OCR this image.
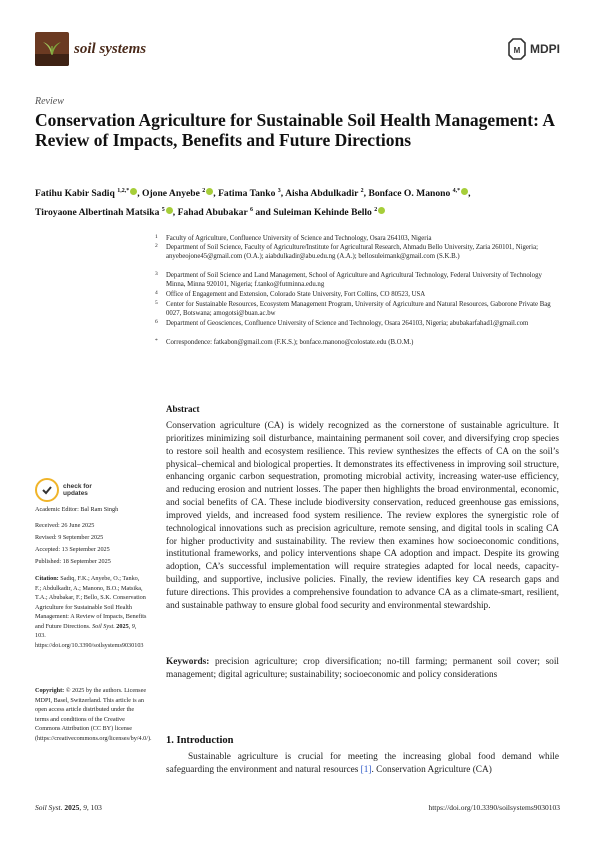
soil systems	M MDPI
Review
Conservation Agriculture for Sustainable Soil Health Management: A Review of Impacts, Benefits and Future Directions
Fatihu Kabir Sadiq $^{1,2,*}$ , Ojone Anyebe $^2$ , Fatima Tanko $^3$, Aisha Abdulkadir $^2$, Bonface O. Manono $^{4,*}$ ,
Tiroyaone Albertinah Matsika $^5$ , Fahad Abubakar $^6$ and Suleiman Kehinde Bello $^2$
1 Faculty of Agriculture, Confluence University of Science and Technology, Osara 264103, Nigeria
2 Department of Soil Science, Faculty of Agriculture/Institute for Agricultural Research, Ahmadu Bello University, Zaria 260101, Nigeria; anyebeojone45@gmail.com (O.A.); aiabdulkadir@abu.edu.ng (A.A.); bellosuleimank@gmail.com (S.K.B.)
3 Department of Soil Science and Land Management, School of Agriculture and Agricultural Technology, Federal University of Technology Minna, Minna 920101, Nigeria; f.tanko@futminna.edu.ng
4 Office of Engagement and Extension, Colorado State University, Fort Collins, CO 80523, USA
5 Center for Sustainable Resources, Ecosystem Management Program, University of Agriculture and Natural Resources, Gaborone Private Bag 0027, Botswana; amogotsi@buan.ac.bw
6 Department of Geosciences, Confluence University of Science and Technology, Osara 264103, Nigeria; abubakarfahad1@gmail.com
* Correspondence: fatkabon@gmail.com (F.K.S.); bonface.manono@colostate.edu (B.O.M.)
check for
updates
Academic Editor: Bal Ram Singh
Received: 26 June 2025
Revised: 9 September 2025
Accepted: 13 September 2025
Published: 18 September 2025
Citation: Sadiq, F.K.; Anyebe, O.; Tanko, F.; Abdulkadir, A.; Manono, B.O.; Matsika, T.A.; Abubakar, F.; Bello, S.K. Conservation Agriculture for Sustainable Soil Health Management: A Review of Impacts, Benefits and Future Directions. Soil Syst. 2025, 9, 103. https://doi.org/10.3390/soilsystems9030103
Copyright: © 2025 by the authors. Licensee MDPI, Basel, Switzerland. This article is an open access article distributed under the terms and conditions of the Creative Commons Attribution (CC BY) license (https://creativecommons.org/licenses/by/4.0/).
Abstract

Conservation agriculture (CA) is widely recognized as the cornerstone of sustainable agriculture. It prioritizes minimizing soil disturbance, maintaining permanent soil cover, and diversifying crop species to restore soil health and ecosystem resilience. This review synthesizes the effects of CA on the soil’s physical–chemical and biological properties. It demonstrates its effectiveness in improving soil structure, enhancing organic carbon sequestration, promoting microbial activity, increasing water-use efficiency, and reducing erosion and nutrient losses. The paper then highlights the broad environmental, economic, and social benefits of CA. These include biodiversity conservation, reduced greenhouse gas emissions, improved yields, and increased food system resilience. The review explores the synergistic role of technological innovations such as precision agriculture, remote sensing, and digital tools in scaling CA for higher productivity and sustainability. The review then examines how socioeconomic conditions, institutional frameworks, and policy interventions shape CA adoption and impact. Despite its growing adoption, CA’s successful implementation will require strategies adapted for local needs, capacity-building, and supportive, inclusive policies. Finally, the review identifies key CA research gaps and future directions. This provides a comprehensive foundation to advance CA as a climate-smart, resilient, and sustainable pathway to ensure global food security and environmental stewardship.

Keywords: precision agriculture; crop diversification; no-till farming; permanent soil cover; soil management; digital agriculture; sustainability; socioeconomic and policy considerations

1. Introduction

Sustainable agriculture is crucial for meeting the increasing global food demand while safeguarding the environment and natural resources [1]. Conservation Agriculture (CA)

Soil Syst. 2025, 9, 103	https://doi.org/10.3390/soilsystems9030103
